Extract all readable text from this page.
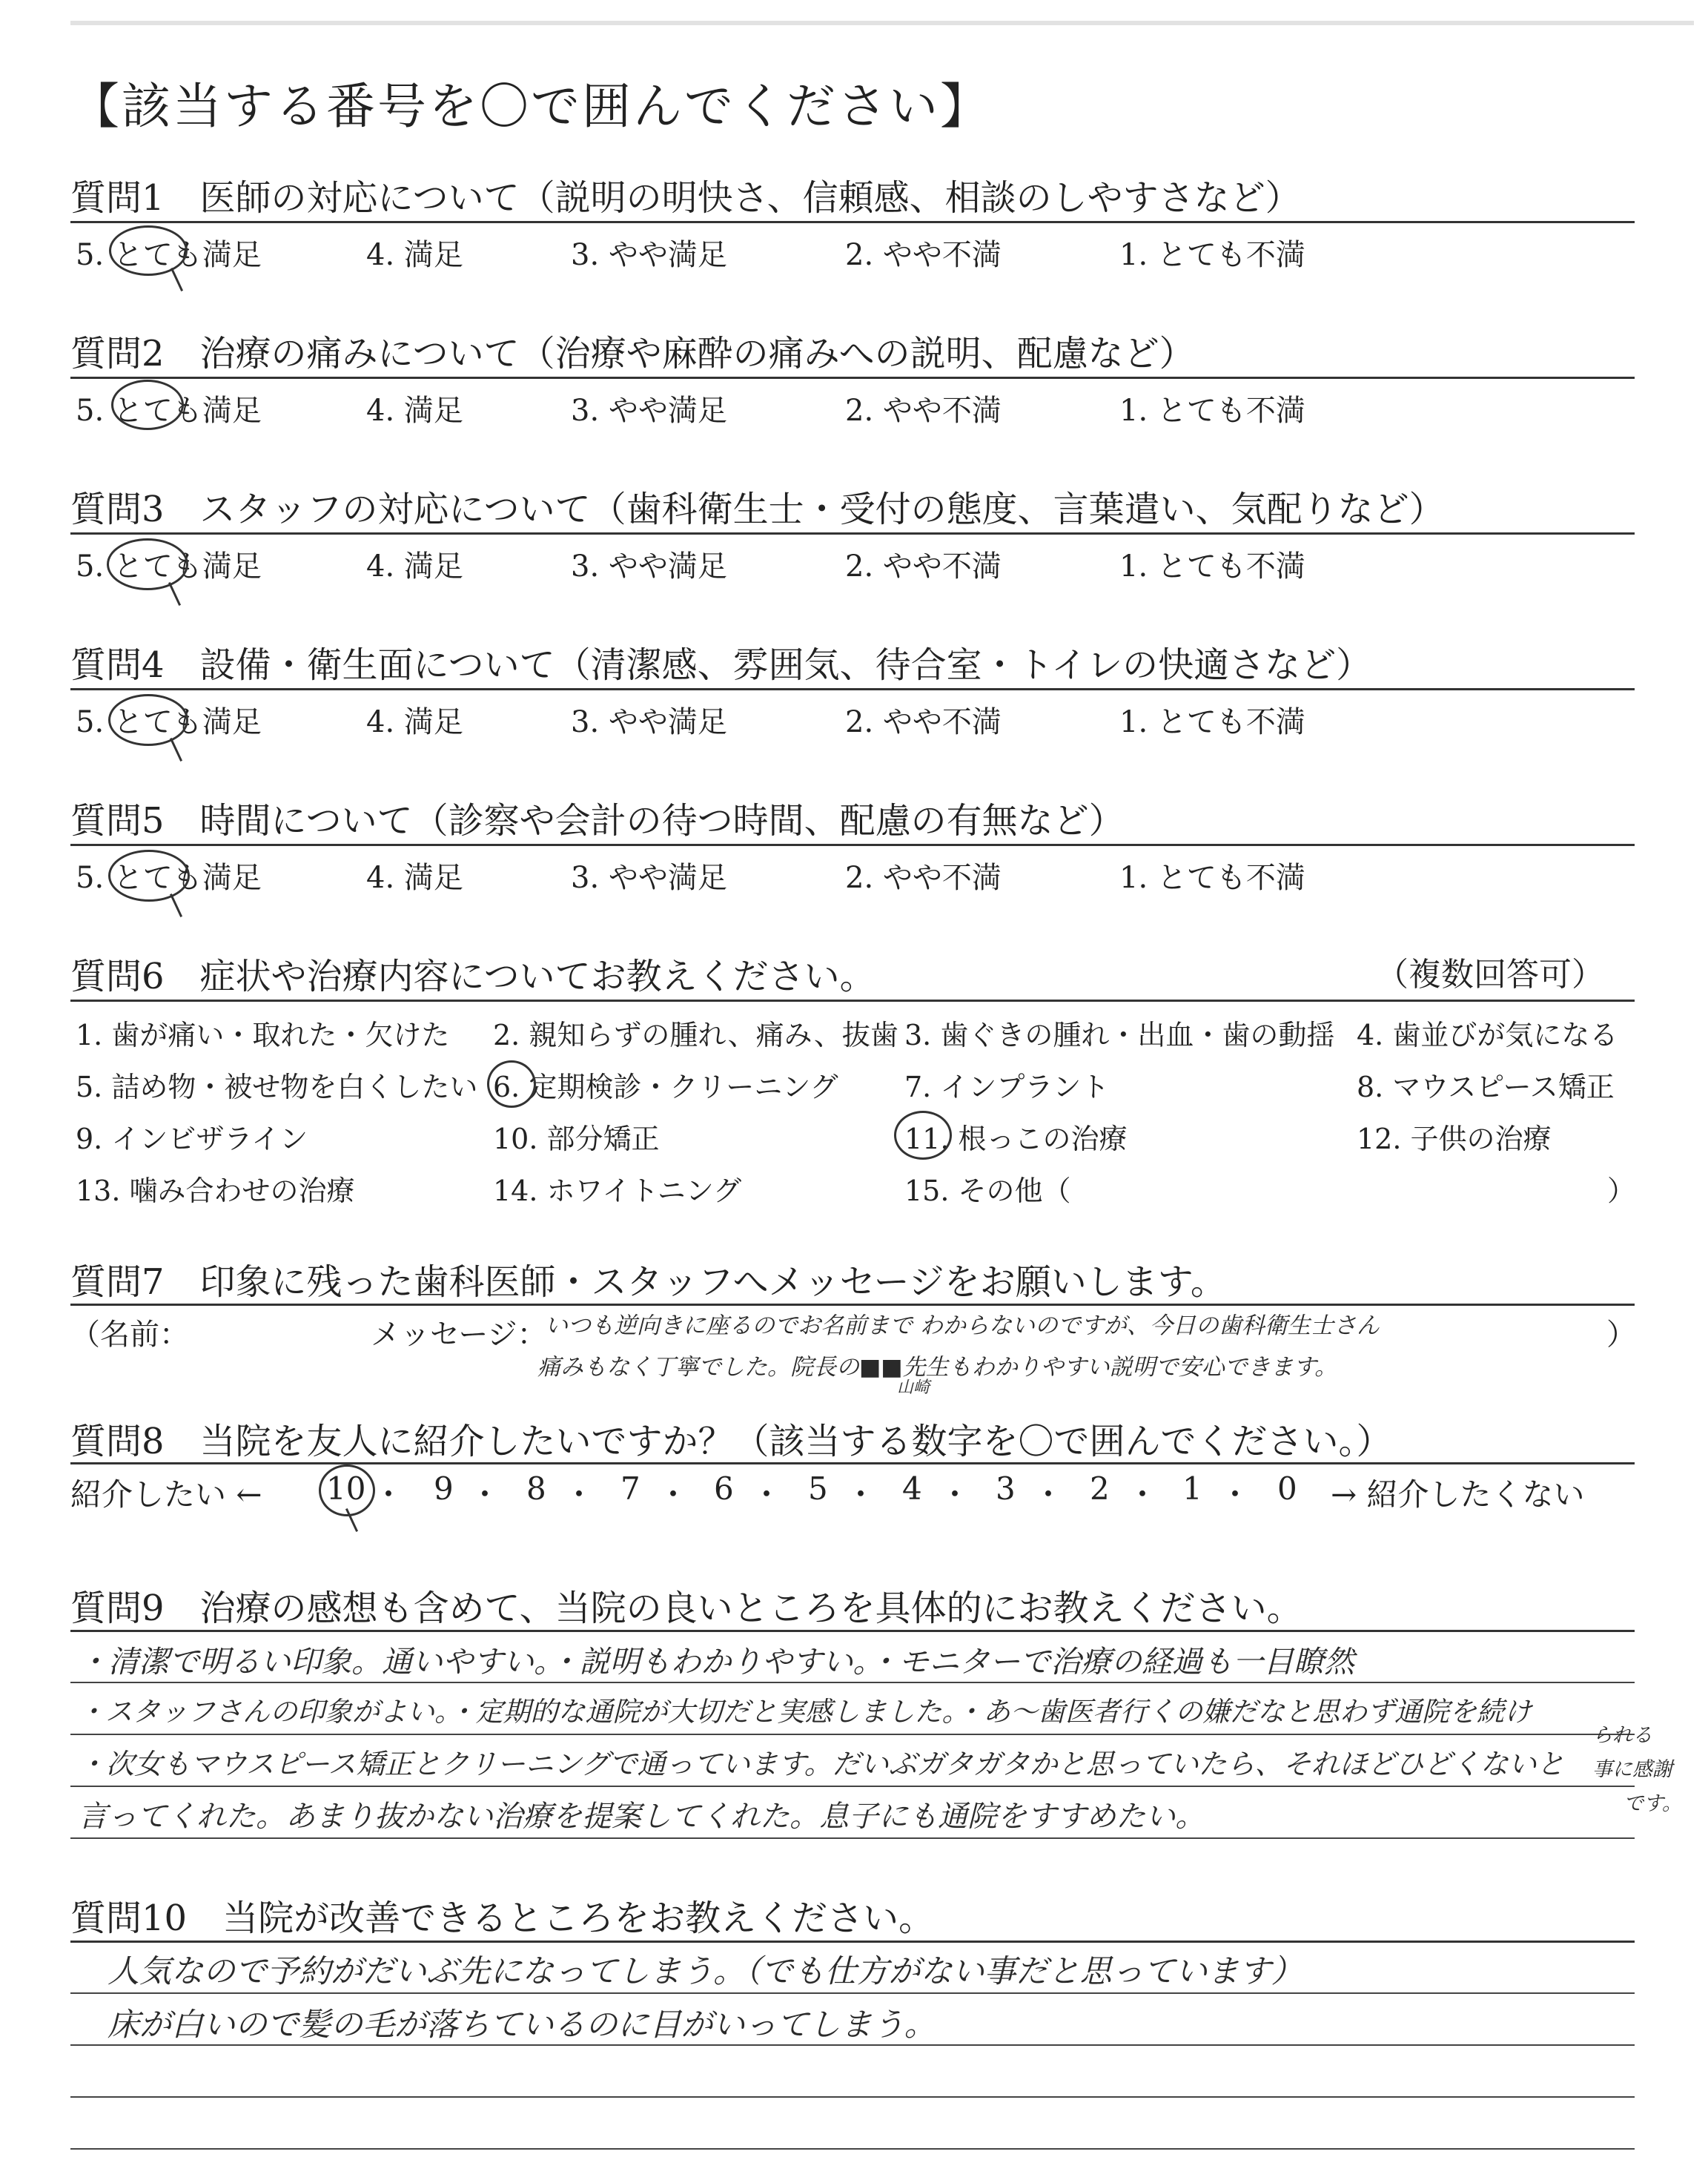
【該当する番号を〇で囲んでください】
質問1　医師の対応について（説明の明快さ、信頼感、相談のしやすさなど）
5. とても満足	4. 満足	3. やや満足	2. やや不満	1. とても不満
質問2　治療の痛みについて（治療や麻酔の痛みへの説明、配慮など）
5. とても満足	4. 満足	3. やや満足	2. やや不満	1. とても不満
質問3　スタッフの対応について（歯科衛生士・受付の態度、言葉遣い、気配りなど）
5. とても満足	4. 満足	3. やや満足	2. やや不満	1. とても不満
質問4　設備・衛生面について（清潔感、雰囲気、待合室・トイレの快適さなど）
5. とても満足	4. 満足	3. やや満足	2. やや不満	1. とても不満
質問5　時間について（診察や会計の待つ時間、配慮の有無など）
5. とても満足	4. 満足	3. やや満足	2. やや不満	1. とても不満
質問6　症状や治療内容についてお教えください。	（複数回答可）
1. 歯が痛い・取れた・欠けた 2. 親知らずの腫れ、痛み、抜歯 3. 歯ぐきの腫れ・出血・歯の動揺 4. 歯並びが気になる
5. 詰め物・被せ物を白くしたい 6. 定期検診・クリーニング 7. インプラント	8. マウスピース矯正
9. インビザライン	10. 部分矯正	11. 根っこの治療	12. 子供の治療
13. 噛み合わせの治療	14. ホワイトニング	15. その他（	）
質問7　印象に残った歯科医師・スタッフへメッセージをお願いします。
（名前：	メッセージ：	）
いつも逆向きに座るのでお名前まで わからないのですが、今日の歯科衛生士さん
痛みもなく丁寧でした。院長の■■先生もわかりやすい説明で安心できます。
山崎
質問8　当院を友人に紹介したいですか？（該当する数字を〇で囲んでください。）
紹介したい ← 10 ・ 9 ・ 8 ・ 7 ・ 6 ・ 5 ・ 4 ・ 3 ・ 2 ・ 1 ・ 0 → 紹介したくない
質問9　治療の感想も含めて、当院の良いところを具体的にお教えください。
・清潔で明るい印象。通いやすい。・説明もわかりやすい。・モニターで治療の経過も一目瞭然
・スタッフさんの印象がよい。・定期的な通院が大切だと実感しました。・あ～歯医者行くの嫌だなと思わず通院を続け
・次女もマウスピース矯正とクリーニングで通っています。だいぶガタガタかと思っていたら、それほどひどくないと
言ってくれた。あまり抜かない治療を提案してくれた。息子にも通院をすすめたい。
られる
事に感謝
です。
質問10　当院が改善できるところをお教えください。
人気なので予約がだいぶ先になってしまう。（でも仕方がない事だと思っています）
床が白いので髪の毛が落ちているのに目がいってしまう。
